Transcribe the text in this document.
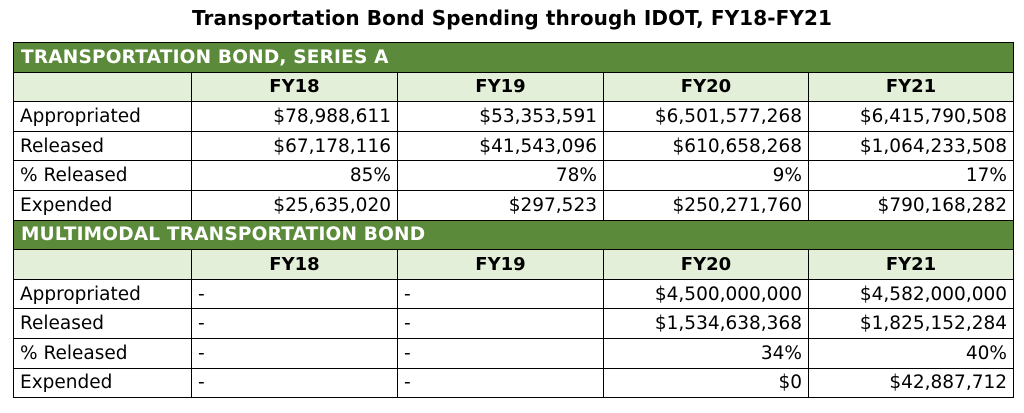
Transportation Bond Spending through IDOT, FY18-FY21
TRANSPORTATION BOND, SERIES A				
	FY18	FY19	FY20	FY21
Appropriated	$78,988,611	$53,353,591	$6,501,577,268	$6,415,790,508
Released	$67,178,116	$41,543,096	$610,658,268	$1,064,233,508
% Released	85%	78%	9%	17%
Expended	$25,635,020	$297,523	$250,271,760	$790,168,282
MULTIMODAL TRANSPORTATION BOND				
	FY18	FY19	FY20	FY21
Appropriated	-	-	$4,500,000,000	$4,582,000,000
Released	-	-	$1,534,638,368	$1,825,152,284
% Released	-	-	34%	40%
Expended	-	-	$0	$42,887,712
